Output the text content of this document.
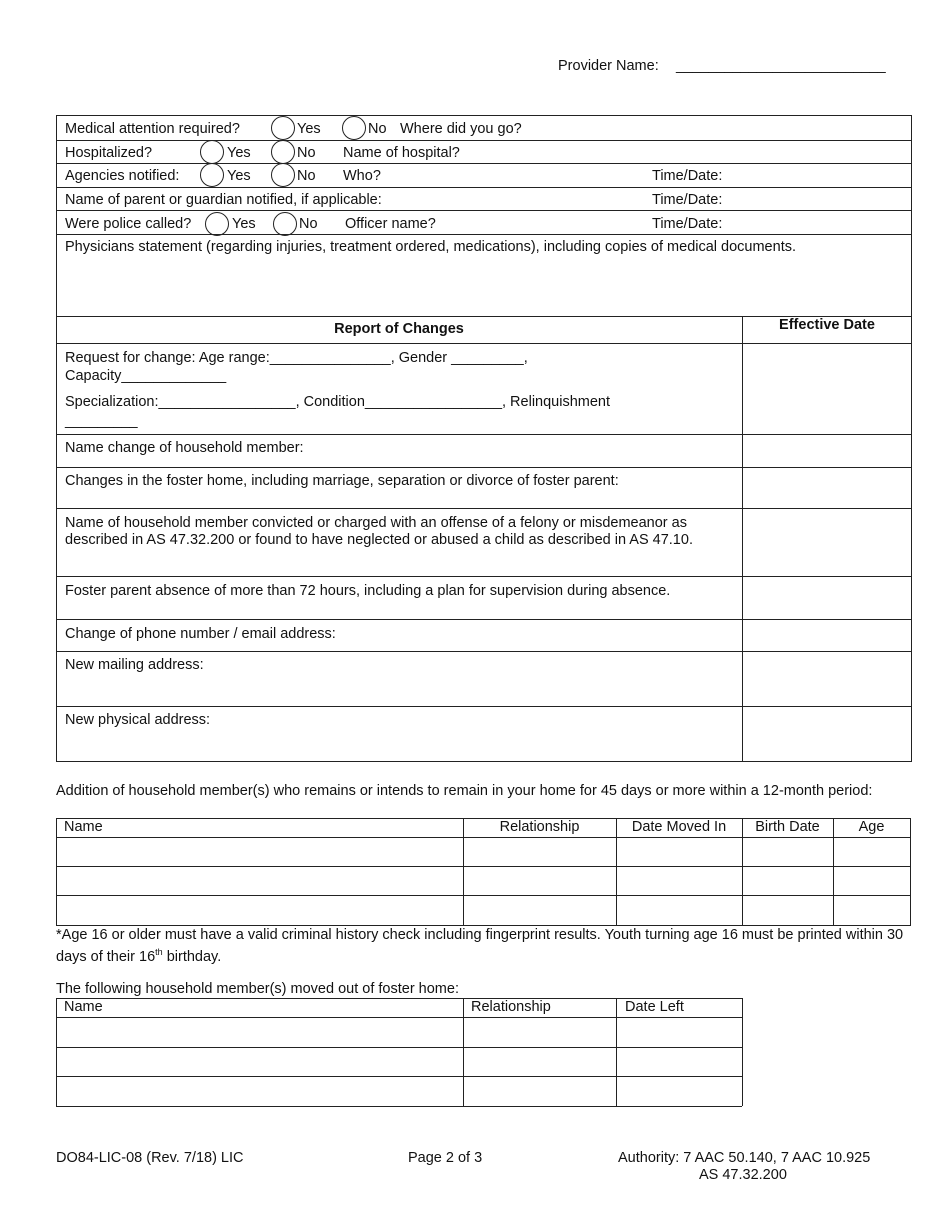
Provider Name: __________________________
Medical attention required?	Yes	No Where did you go?
Hospitalized?	Yes	No Name of hospital?
Agencies notified:	Yes	No Who?	Time/Date:
Name of parent or guardian notified, if applicable:	Time/Date:
Were police called?	Yes	No Officer name?	Time/Date:
Physicians statement (regarding injuries, treatment ordered, medications), including copies of medical documents.
Report of Changes	Effective Date
Request for change: Age range:_______________, Gender _________,
Capacity_____________
Specialization:_________________, Condition_________________, Relinquishment
_________
Name change of household member:
Changes in the foster home, including marriage, separation or divorce of foster parent:
Name of household member convicted or charged with an offense of a felony or misdemeanor as described in AS 47.32.200 or found to have neglected or abused a child as described in AS 47.10.
Foster parent absence of more than 72 hours, including a plan for supervision during absence.
Change of phone number / email address:
New mailing address:
New physical address:
Addition of household member(s) who remains or intends to remain in your home for 45 days or more within a 12-month period:
Name	Relationship	Date Moved In	Birth Date	Age
*Age 16 or older must have a valid criminal history check including fingerprint results. Youth turning age 16 must be printed within 30 days of their 16th birthday.
The following household member(s) moved out of foster home:
Name	Relationship	Date Left
DO84-LIC-08 (Rev. 7/18) LIC	Page 2 of 3	Authority: 7 AAC 50.140, 7 AAC 10.925
AS 47.32.200
